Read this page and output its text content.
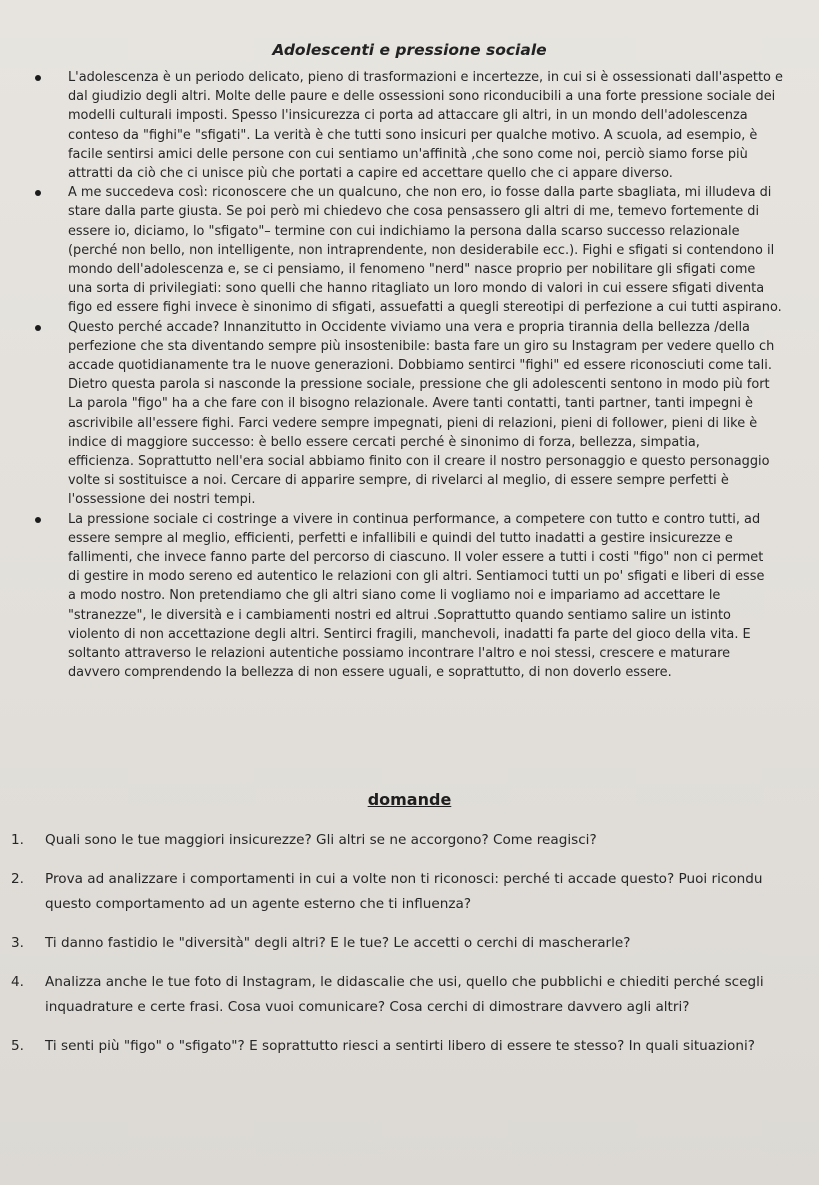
Adolescenti e pressione sociale
L'adolescenza è un periodo delicato, pieno di trasformazioni e incertezze, in cui si è ossessionati dall'aspetto e
dal giudizio degli altri. Molte delle paure e delle ossessioni sono riconducibili a una forte pressione sociale dei
modelli culturali imposti. Spesso l'insicurezza ci porta ad attaccare gli altri, in un mondo dell'adolescenza
conteso da "fighi"e "sfigati". La verità è che tutti sono insicuri per qualche motivo. A scuola, ad esempio, è
facile sentirsi amici delle persone con cui sentiamo un'affinità ,che sono come noi, perciò siamo forse più
attratti da ciò che ci unisce più che portati a capire ed accettare quello che ci appare diverso.
A me succedeva così: riconoscere che un qualcuno, che non ero, io fosse dalla parte sbagliata, mi illudeva di
stare dalla parte giusta. Se poi però mi chiedevo che cosa pensassero gli altri di me, temevo fortemente di
essere io, diciamo, lo "sfigato"– termine con cui indichiamo la persona dalla scarso successo relazionale
(perché non bello, non intelligente, non intraprendente, non desiderabile ecc.). Fighi e sfigati si contendono il
mondo dell'adolescenza e, se ci pensiamo, il fenomeno "nerd" nasce proprio per nobilitare gli sfigati come
una sorta di privilegiati: sono quelli che hanno ritagliato un loro mondo di valori in cui essere sfigati diventa
figo ed essere fighi invece è sinonimo di sfigati, assuefatti a quegli stereotipi di perfezione a cui tutti aspirano.
Questo perché accade? Innanzitutto in Occidente viviamo una vera e propria tirannia della bellezza /della
perfezione che sta diventando sempre più insostenibile: basta fare un giro su Instagram per vedere quello ch
accade quotidianamente tra le nuove generazioni. Dobbiamo sentirci "fighi" ed essere riconosciuti come tali.
Dietro questa parola si nasconde la pressione sociale, pressione che gli adolescenti sentono in modo più fort
La parola "figo" ha a che fare con il bisogno relazionale. Avere tanti contatti, tanti partner, tanti impegni è
ascrivibile all'essere fighi. Farci vedere sempre impegnati, pieni di relazioni, pieni di follower, pieni di like è
indice di maggiore successo: è bello essere cercati perché è sinonimo di forza, bellezza, simpatia,
efficienza. Soprattutto nell'era social abbiamo finito con il creare il nostro personaggio e questo personaggio
volte si sostituisce a noi. Cercare di apparire sempre, di rivelarci al meglio, di essere sempre perfetti è
l'ossessione dei nostri tempi.
La pressione sociale ci costringe a vivere in continua performance, a competere con tutto e contro tutti, ad
essere sempre al meglio, efficienti, perfetti e infallibili e quindi del tutto inadatti a gestire insicurezze e
fallimenti, che invece fanno parte del percorso di ciascuno. Il voler essere a tutti i costi "figo" non ci permet
di gestire in modo sereno ed autentico le relazioni con gli altri. Sentiamoci tutti un po' sfigati e liberi di esse
a modo nostro. Non pretendiamo che gli altri siano come li vogliamo noi e impariamo ad accettare le
"stranezze", le diversità e i cambiamenti nostri ed altrui .Soprattutto quando sentiamo salire un istinto
violento di non accettazione degli altri. Sentirci fragili, manchevoli, inadatti fa parte del gioco della vita. E
soltanto attraverso le relazioni autentiche possiamo incontrare l'altro e noi stessi, crescere e maturare
davvero comprendendo la bellezza di non essere uguali, e soprattutto, di non doverlo essere.
domande
1. Quali sono le tue maggiori insicurezze? Gli altri se ne accorgono? Come reagisci?
2. Prova ad analizzare i comportamenti in cui a volte non ti riconosci: perché ti accade questo? Puoi ricondu
questo comportamento ad un agente esterno che ti influenza?
3. Ti danno fastidio le "diversità" degli altri? E le tue? Le accetti o cerchi di mascherarle?
4. Analizza anche le tue foto di Instagram, le didascalie che usi, quello che pubblichi e chiediti perché scegli
inquadrature e certe frasi. Cosa vuoi comunicare? Cosa cerchi di dimostrare davvero agli altri?
5. Ti senti più "figo" o "sfigato"? E soprattutto riesci a sentirti libero di essere te stesso? In quali situazioni?
